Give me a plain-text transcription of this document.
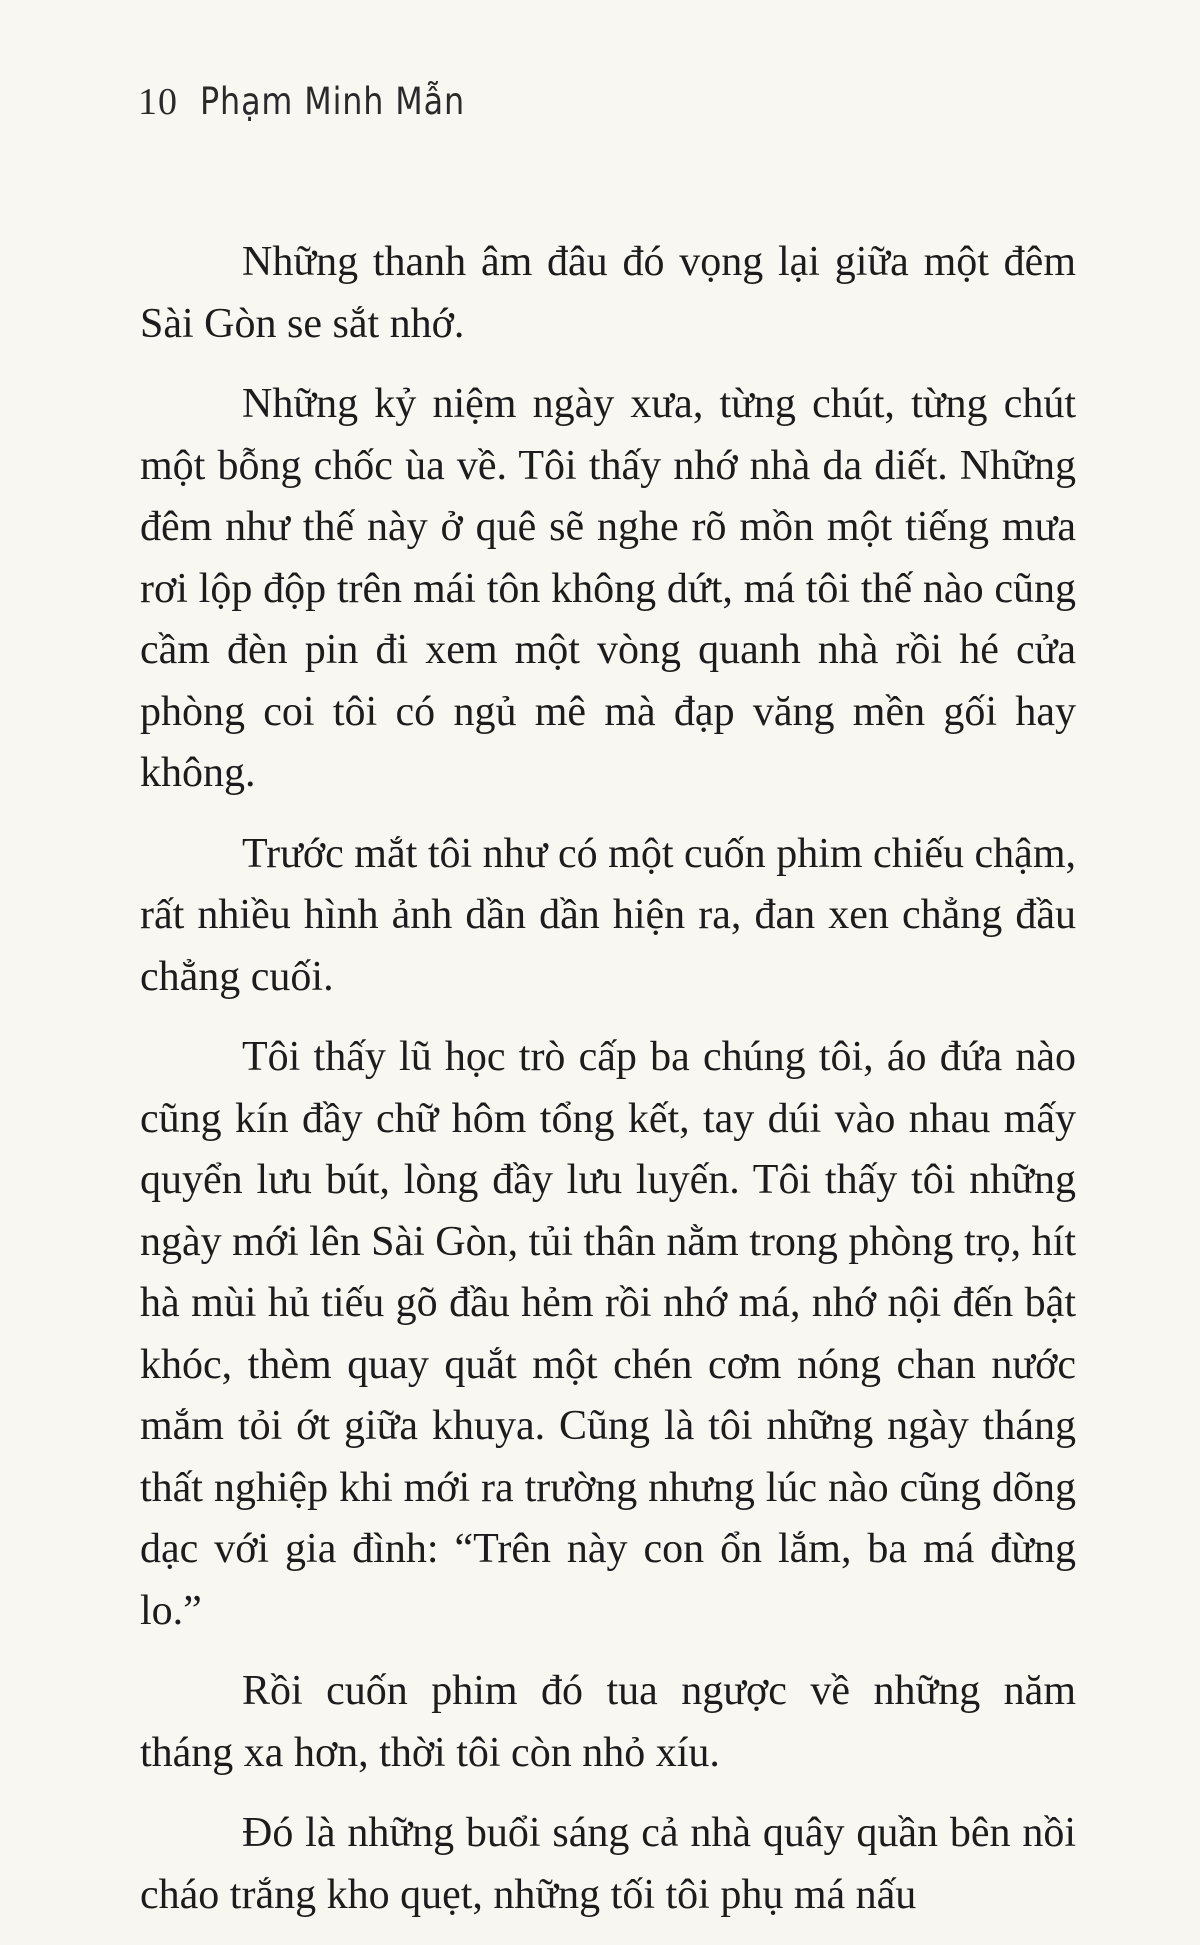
10 Phạm Minh Mẫn

Những thanh âm đâu đó vọng lại giữa một đêm Sài Gòn se sắt nhớ.

Những kỷ niệm ngày xưa, từng chút, từng chút một bỗng chốc ùa về. Tôi thấy nhớ nhà da diết. Những đêm như thế này ở quê sẽ nghe rõ mồn một tiếng mưa rơi lộp độp trên mái tôn không dứt, má tôi thế nào cũng cầm đèn pin đi xem một vòng quanh nhà rồi hé cửa phòng coi tôi có ngủ mê mà đạp văng mền gối hay không.

Trước mắt tôi như có một cuốn phim chiếu chậm, rất nhiều hình ảnh dần dần hiện ra, đan xen chẳng đầu chẳng cuối.

Tôi thấy lũ học trò cấp ba chúng tôi, áo đứa nào cũng kín đầy chữ hôm tổng kết, tay dúi vào nhau mấy quyển lưu bút, lòng đầy lưu luyến. Tôi thấy tôi những ngày mới lên Sài Gòn, tủi thân nằm trong phòng trọ, hít hà mùi hủ tiếu gõ đầu hẻm rồi nhớ má, nhớ nội đến bật khóc, thèm quay quắt một chén cơm nóng chan nước mắm tỏi ớt giữa khuya. Cũng là tôi những ngày tháng thất nghiệp khi mới ra trường nhưng lúc nào cũng dõng dạc với gia đình: “Trên này con ổn lắm, ba má đừng lo.”

Rồi cuốn phim đó tua ngược về những năm tháng xa hơn, thời tôi còn nhỏ xíu.

Đó là những buổi sáng cả nhà quây quần bên nồi cháo trắng kho quẹt, những tối tôi phụ má nấu
